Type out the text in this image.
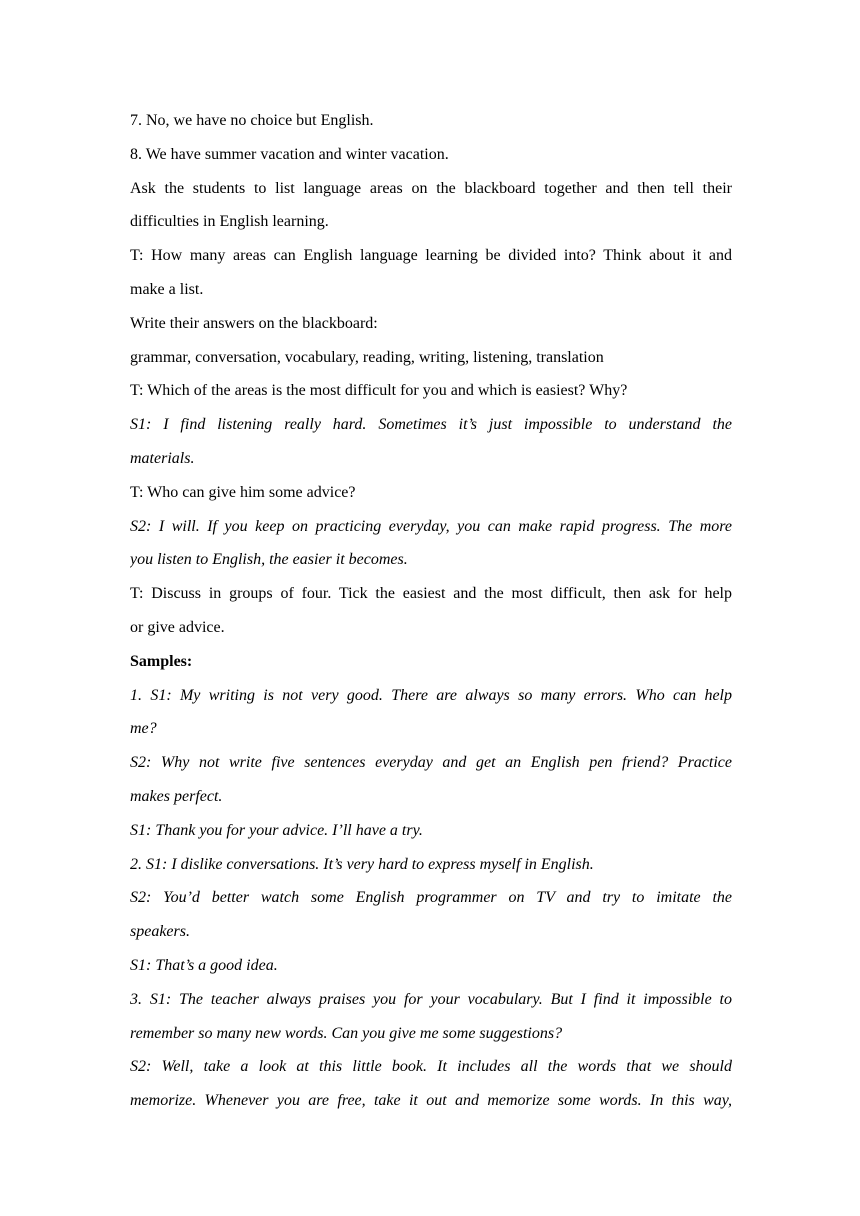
7. No, we have no choice but English.
8. We have summer vacation and winter vacation.
Ask the students to list language areas on the blackboard together and then tell their
difficulties in English learning.
T: How many areas can English language learning be divided into? Think about it and
make a list.
Write their answers on the blackboard:
grammar, conversation, vocabulary, reading, writing, listening, translation
T: Which of the areas is the most difficult for you and which is easiest? Why?
S1: I find listening really hard. Sometimes it’s just impossible to understand the
materials.
T: Who can give him some advice?
S2: I will. If you keep on practicing everyday, you can make rapid progress. The more
you listen to English, the easier it becomes.
T: Discuss in groups of four. Tick the easiest and the most difficult, then ask for help
or give advice.
Samples:
1. S1: My writing is not very good. There are always so many errors. Who can help
me?
S2: Why not write five sentences everyday and get an English pen friend? Practice
makes perfect.
S1: Thank you for your advice. I’ll have a try.
2. S1: I dislike conversations. It’s very hard to express myself in English.
S2: You’d better watch some English programmer on TV and try to imitate the
speakers.
S1: That’s a good idea.
3. S1: The teacher always praises you for your vocabulary. But I find it impossible to
remember so many new words. Can you give me some suggestions?
S2: Well, take a look at this little book. It includes all the words that we should
memorize. Whenever you are free, take it out and memorize some words. In this way,
